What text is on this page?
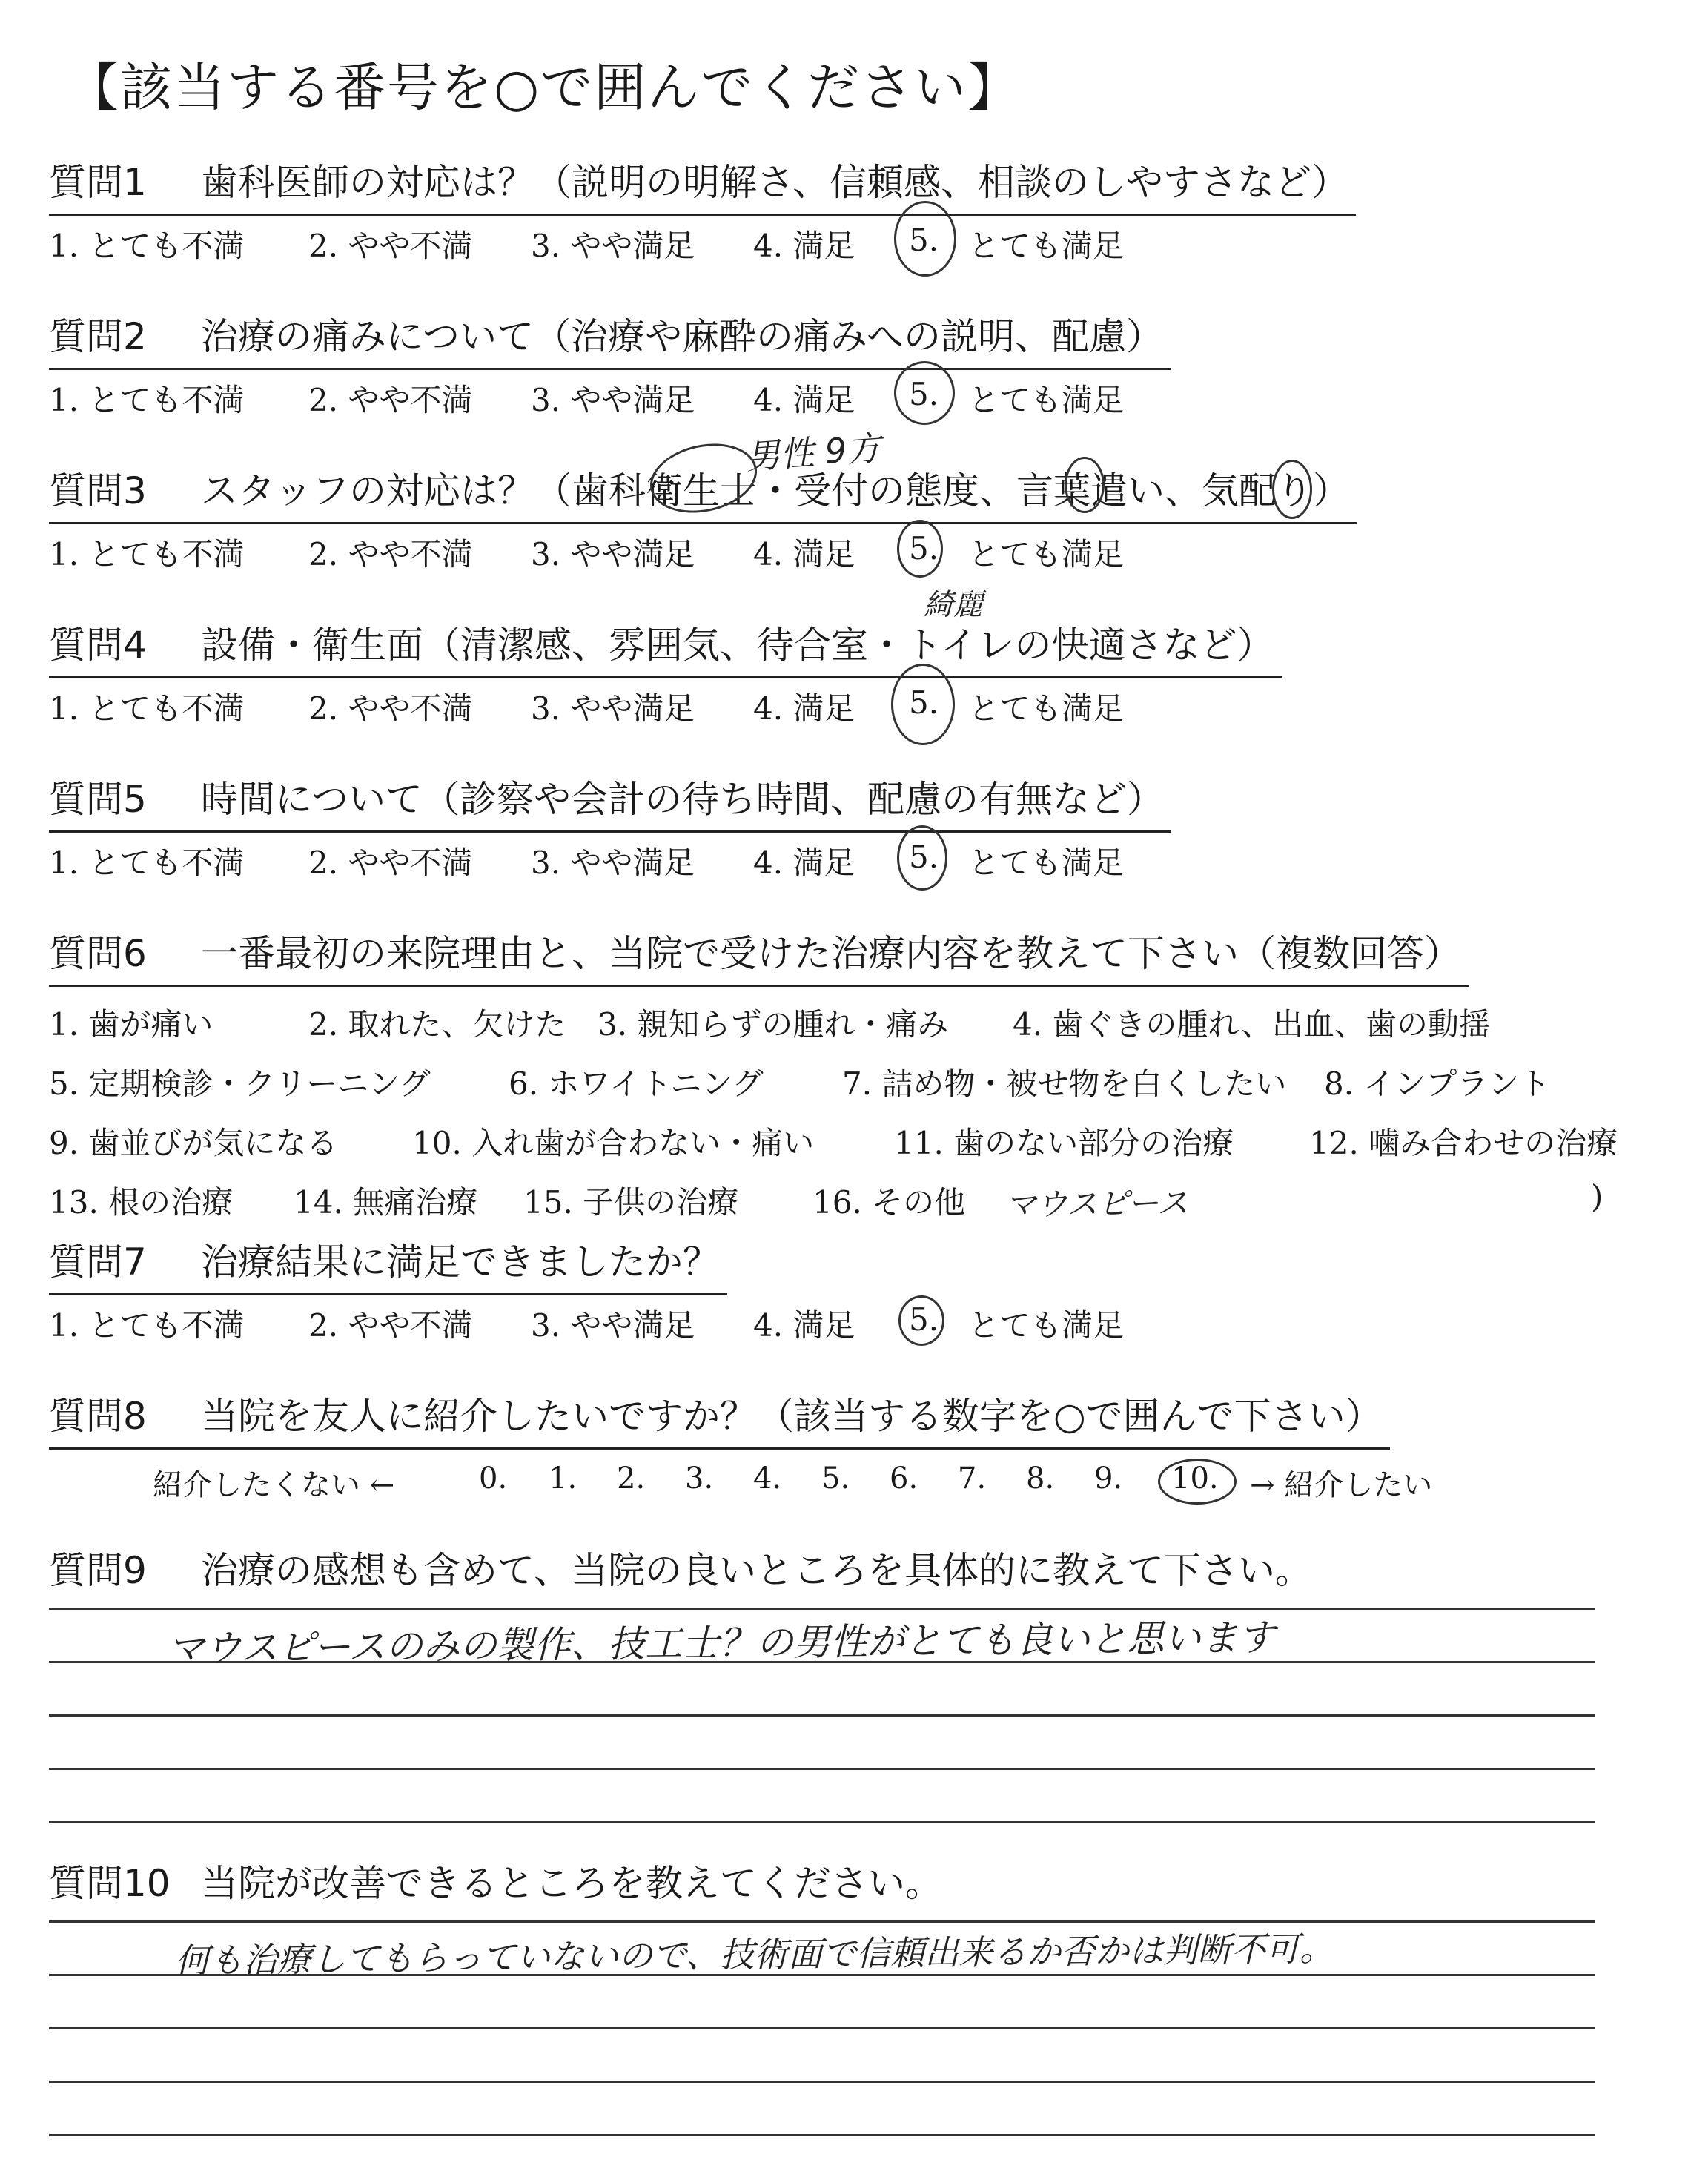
【該当する番号を○で囲んでください】
質問1 歯科医師の対応は？（説明の明解さ、信頼感、相談のしやすさなど）
1. とても不満 2. やや不満 3. やや満足 4. 満足 5. とても満足
質問2 治療の痛みについて（治療や麻酔の痛みへの説明、配慮）
1. とても不満 2. やや不満 3. やや満足 4. 満足 5. とても満足
質問3 スタッフの対応は？（歯科衛生士・受付の態度、言葉遣い、気配り）
1. とても不満 2. やや不満 3. やや満足 4. 満足 5. とても満足
男性 9方
質問4 設備・衛生面（清潔感、雰囲気、待合室・トイレの快適さなど）
1. とても不満 2. やや不満 3. やや満足 4. 満足 5. とても満足
綺麗
質問5 時間について（診察や会計の待ち時間、配慮の有無など）
1. とても不満 2. やや不満 3. やや満足 4. 満足 5. とても満足
質問6 一番最初の来院理由と、当院で受けた治療内容を教えて下さい（複数回答）
1. 歯が痛い	2. 取れた、欠けた 3. 親知らずの腫れ・痛み 4. 歯ぐきの腫れ、出血、歯の動揺
5. 定期検診・クリーニング	6. ホワイトニング	7. 詰め物・被せ物を白くしたい 8. インプラント
9. 歯並びが気になる 10. 入れ歯が合わない・痛い	11. 歯のない部分の治療 12. 噛み合わせの治療
13. 根の治療 14. 無痛治療 15. 子供の治療 16. その他 マウスピース	)
質問7 治療結果に満足できましたか？
1. とても不満 2. やや不満 3. やや満足 4. 満足 5. とても満足
質問8 当院を友人に紹介したいですか？（該当する数字を○で囲んで下さい）
紹介したくない ←	0. 1. 2. 3. 4. 5. 6. 7. 8. 9. 10. → 紹介したい
質問9 治療の感想も含めて、当院の良いところを具体的に教えて下さい。
マウスピースのみの製作、技工士？の男性がとても良いと思います
質問10 当院が改善できるところを教えてください。
何も治療してもらっていないので、技術面で信頼出来るか否かは判断不可。
